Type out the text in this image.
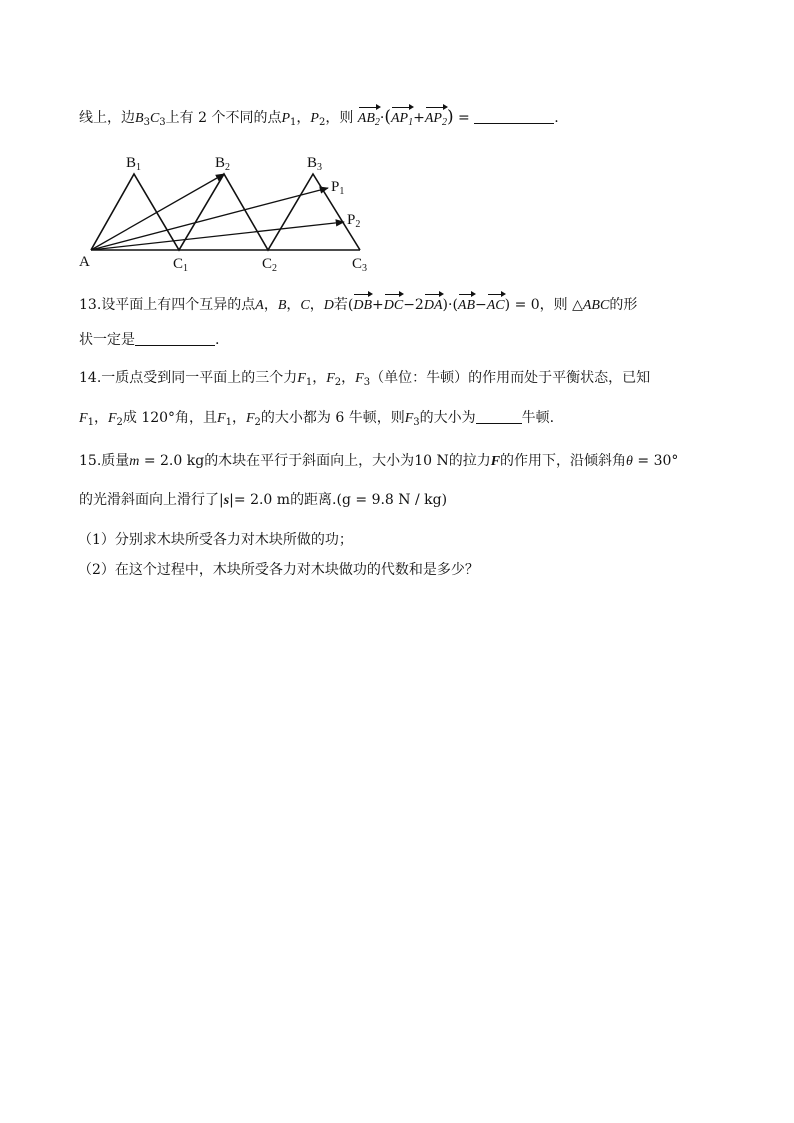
线上，边$B_3C_3$上有 2 个不同的点$P_1$，$P_2$，则 $AB_2\cdot(AP_1+AP_2)$ =	.
A
$B_1$	$B_2$	$B_3$
$C_1$	$C_2$	$C_3$
$P_1$
$P_2$
13.设平面上有四个互异的点A，B，C，D若(DB+DC−2DA)·(AB−AC) = 0，则 △ABC的形
状一定是	.
14.一质点受到同一平面上的三个力$F_1$，$F_2$，$F_3$（单位：牛顿）的作用而处于平衡状态，已知
$F_1$，$F_2$成 120°角，且$F_1$，$F_2$的大小都为 6 牛顿，则$F_3$的大小为	牛顿.
15.质量m = 2.0 kg的木块在平行于斜面向上，大小为10 N的拉力F的作用下，沿倾斜角θ = 30°
的光滑斜面向上滑行了|s|= 2.0 m的距离.(g = 9.8 N / kg)
（1）分别求木块所受各力对木块所做的功；
（2）在这个过程中，木块所受各力对木块做功的代数和是多少？
